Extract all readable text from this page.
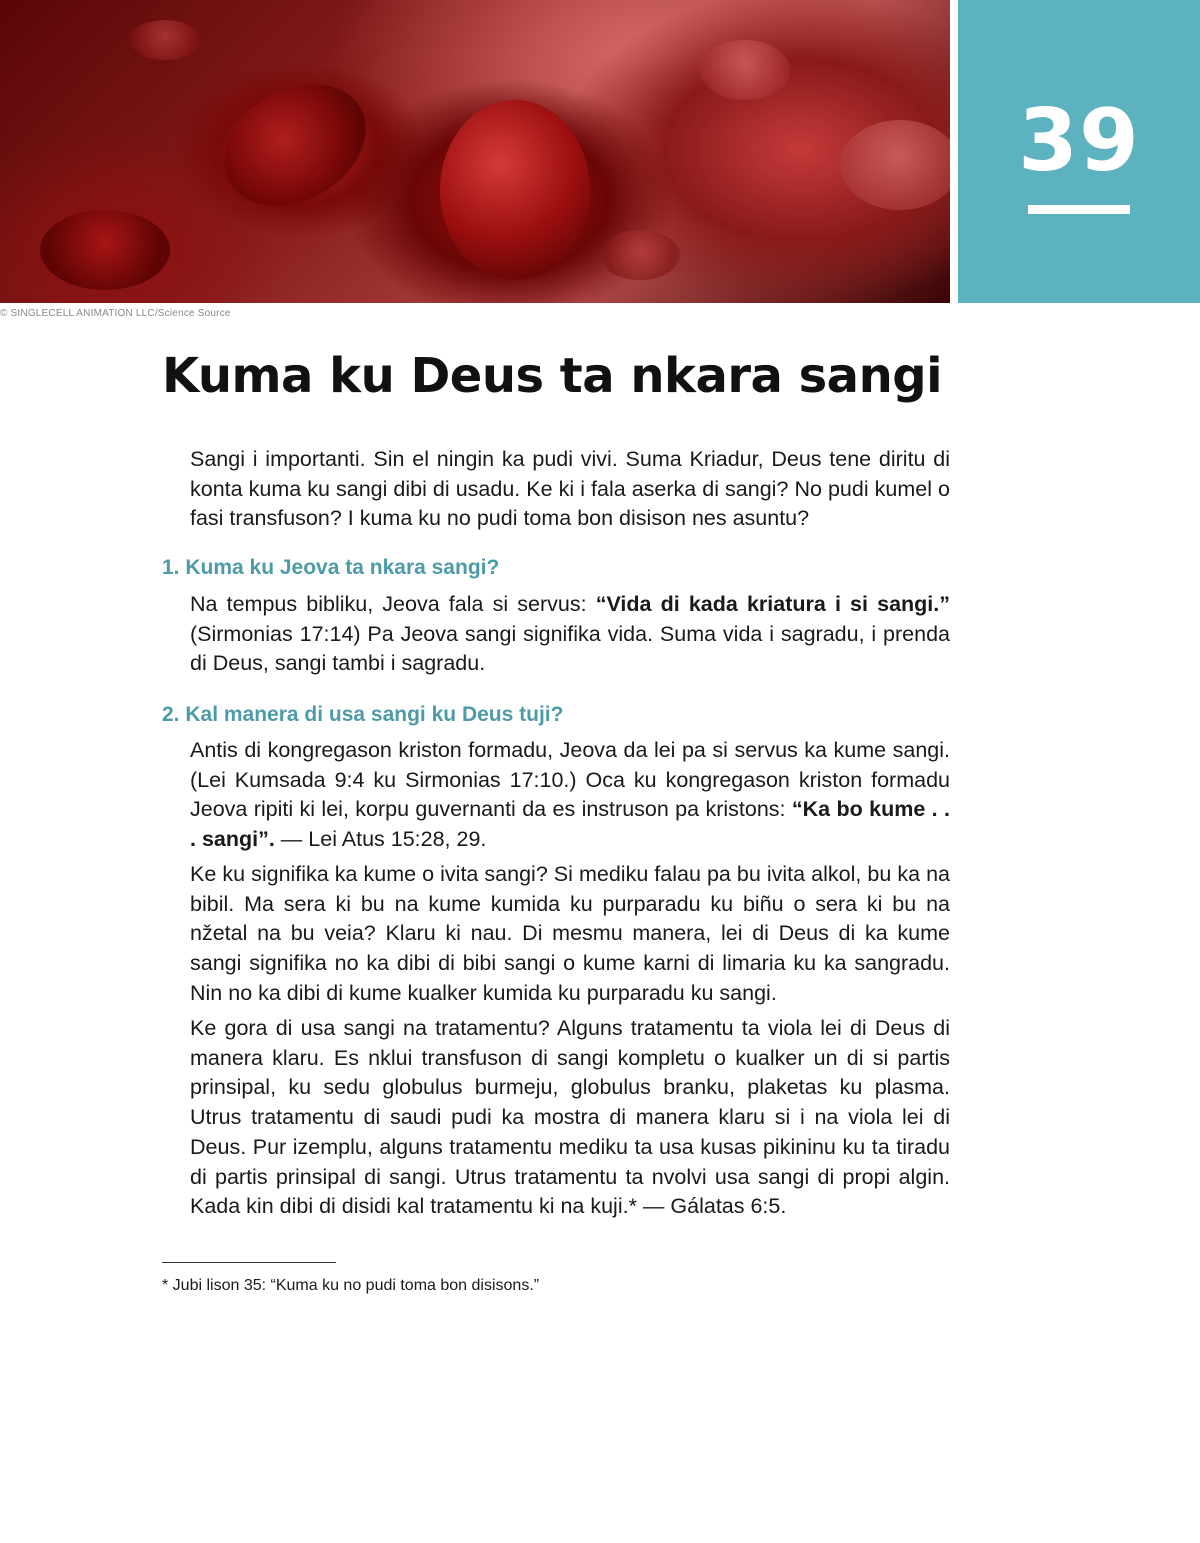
39
© SINGLECELL ANIMATION LLC/Science Source
Kuma ku Deus ta nkara sangi

Sangi i importanti. Sin el ningin ka pudi vivi. Suma Kriadur, Deus tene diritu di konta kuma ku sangi dibi di usadu. Ke ki i fala aserka di sangi? No pudi kumel o fasi transfuson? I kuma ku no pudi toma bon disison nes asuntu?

1. Kuma ku Jeova ta nkara sangi?

Na tempus bibliku, Jeova fala si servus: “Vida di kada kriatura i si sangi.” (Sirmonias 17:14) Pa Jeova sangi signifika vida. Suma vida i sagradu, i prenda di Deus, sangi tambi i sagradu.

2. Kal manera di usa sangi ku Deus tuji?

Antis di kongregason kriston formadu, Jeova da lei pa si servus ka kume sangi. (Lei Kumsada 9:4 ku Sirmonias 17:10.) Oca ku kongregason kriston formadu Jeova ripiti ki lei, korpu guvernanti da es instruson pa kristons: “Ka bo kume . . . sangi”. — Lei Atus 15:28, 29.

Ke ku signifika ka kume o ivita sangi? Si mediku falau pa bu ivita alkol, bu ka na bibil. Ma sera ki bu na kume kumida ku purparadu ku biñu o sera ki bu na nžetal na bu veia? Klaru ki nau. Di mesmu manera, lei di Deus di ka kume sangi signifika no ka dibi di bibi sangi o kume karni di limaria ku ka sangradu. Nin no ka dibi di kume kualker kumida ku purparadu ku sangi.

Ke gora di usa sangi na tratamentu? Alguns tratamentu ta viola lei di Deus di manera klaru. Es nklui transfuson di sangi kompletu o kualker un di si partis prinsipal, ku sedu globulus burmeju, globulus branku, plaketas ku plasma. Utrus tratamentu di saudi pudi ka mostra di manera klaru si i na viola lei di Deus. Pur izemplu, alguns tratamentu mediku ta usa kusas pikininu ku ta tiradu di partis prinsipal di sangi. Utrus tratamentu ta nvolvi usa sangi di propi algin. Kada kin dibi di disidi kal tratamentu ki na kuji.* — Gálatas 6:5.

* Jubi lison 35: “Kuma ku no pudi toma bon disisons.”
